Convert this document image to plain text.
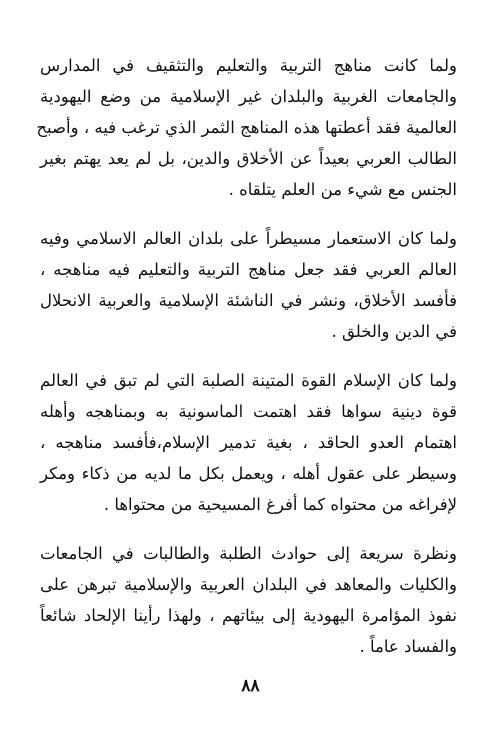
ولما كانت مناهج التربية والتعليم والتثقيف في المدارس
والجامعات الغربية والبلدان غير الإسلامية من وضع اليهودية
العالمية فقد أعطتها هذه المناهج الثمر الذي ترغب فيه ، وأصبح
الطالب العربي بعيداً عن الأخلاق والدين، بل لم يعد يهتم بغير
الجنس مع شيء من العلم يتلقاه .

ولما كان الاستعمار مسيطراً على بلدان العالم الاسلامي وفيه
العالم العربي فقد جعل مناهج التربية والتعليم فيه مناهجه ،
فأفسد الأخلاق، ونشر في الناشئة الإسلامية والعربية الانحلال
في الدين والخلق .

ولما كان الإسلام القوة المتينة الصلبة التي لم تبق في العالم
قوة دينية سواها فقد اهتمت الماسونية به وبمناهجه وأهله
اهتمام العدو الحاقد ، بغية تدمير الإسلام،فأفسد مناهجه ،
وسيطر على عقول أهله ، ويعمل بكل ما لديه من ذكاء ومكر
لإفراغه من محتواه كما أفرغ المسيحية من محتواها .

ونظرة سريعة إلى حوادث الطلبة والطالبات في الجامعات
والكليات والمعاهد في البلدان العربية والإسلامية تبرهن على
نفوذ المؤامرة اليهودية إلى بيئاتهم ، ولهذا رأينا الإلحاد شائعاً
والفساد عاماً .

٨٨
